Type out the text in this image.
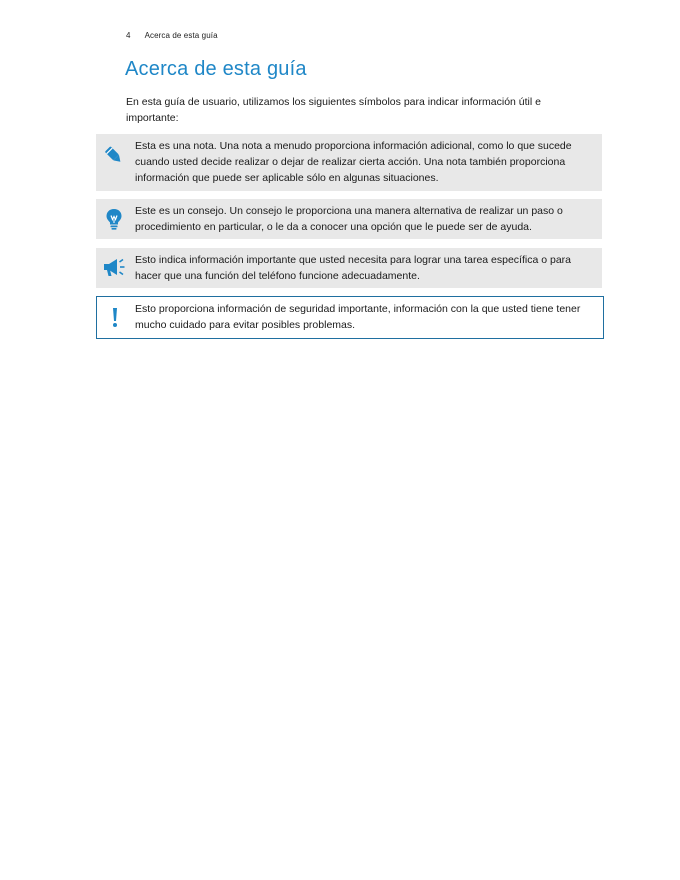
4 Acerca de esta guía
Acerca de esta guía

En esta guía de usuario, utilizamos los siguientes símbolos para indicar información útil e importante:

Esta es una nota. Una nota a menudo proporciona información adicional, como lo que sucede cuando usted decide realizar o dejar de realizar cierta acción. Una nota también proporciona información que puede ser aplicable sólo en algunas situaciones.

Este es un consejo. Un consejo le proporciona una manera alternativa de realizar un paso o procedimiento en particular, o le da a conocer una opción que le puede ser de ayuda.

Esto indica información importante que usted necesita para lograr una tarea específica o para hacer que una función del teléfono funcione adecuadamente.

Esto proporciona información de seguridad importante, información con la que usted tiene tener mucho cuidado para evitar posibles problemas.
